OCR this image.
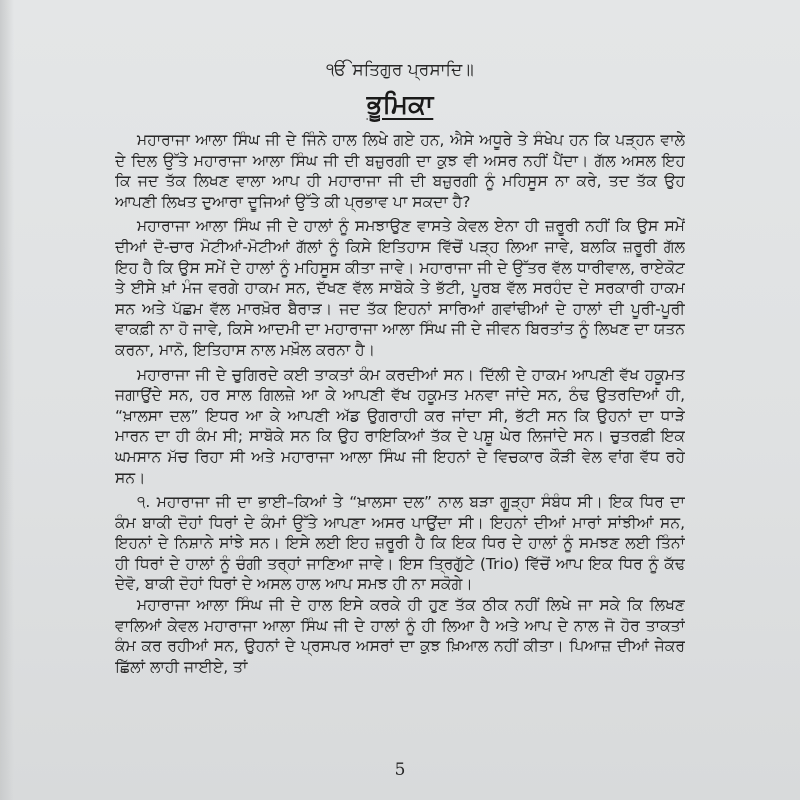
ੴ ਸਤਿਗੁਰ ਪ੍ਰਸਾਦਿ॥
ਭੂਮਿਕਾ

ਮਹਾਰਾਜਾ ਆਲਾ ਸਿੰਘ ਜੀ ਦੇ ਜਿੰਨੇ ਹਾਲ ਲਿਖੇ ਗਏ ਹਨ, ਐਸੇ ਅਧੂਰੇ ਤੇ ਸੰਖੇਪ ਹਨ ਕਿ ਪੜ੍ਹਨ ਵਾਲੇ ਦੇ ਦਿਲ ਉੱਤੇ ਮਹਾਰਾਜਾ ਆਲਾ ਸਿੰਘ ਜੀ ਦੀ ਬਜ਼ੁਰਗੀ ਦਾ ਕੁਝ ਵੀ ਅਸਰ ਨਹੀਂ ਪੈਂਦਾ। ਗੱਲ ਅਸਲ ਇਹ ਕਿ ਜਦ ਤੱਕ ਲਿਖਣ ਵਾਲਾ ਆਪ ਹੀ ਮਹਾਰਾਜਾ ਜੀ ਦੀ ਬਜ਼ੁਰਗੀ ਨੂੰ ਮਹਿਸੂਸ ਨਾ ਕਰੇ, ਤਦ ਤੱਕ ਉਹ ਆਪਣੀ ਲਿਖਤ ਦੁਆਰਾ ਦੂਜਿਆਂ ਉੱਤੇ ਕੀ ਪ੍ਰਭਾਵ ਪਾ ਸਕਦਾ ਹੈ?

ਮਹਾਰਾਜਾ ਆਲਾ ਸਿੰਘ ਜੀ ਦੇ ਹਾਲਾਂ ਨੂੰ ਸਮਝਾਉਣ ਵਾਸਤੇ ਕੇਵਲ ਏਨਾ ਹੀ ਜ਼ਰੂਰੀ ਨਹੀਂ ਕਿ ਉਸ ਸਮੇਂ ਦੀਆਂ ਦੋ-ਚਾਰ ਮੋਟੀਆਂ-ਮੋਟੀਆਂ ਗੱਲਾਂ ਨੂੰ ਕਿਸੇ ਇਤਿਹਾਸ ਵਿੱਚੋਂ ਪੜ੍ਹ ਲਿਆ ਜਾਵੇ, ਬਲਕਿ ਜ਼ਰੂਰੀ ਗੱਲ ਇਹ ਹੈ ਕਿ ਉਸ ਸਮੇਂ ਦੇ ਹਾਲਾਂ ਨੂੰ ਮਹਿਸੂਸ ਕੀਤਾ ਜਾਵੇ। ਮਹਾਰਾਜਾ ਜੀ ਦੇ ਉੱਤਰ ਵੱਲ ਧਾਰੀਵਾਲ, ਰਾਏਕੋਟ ਤੇ ਈਸੇ ਖ਼ਾਂ ਮੰਜ ਵਰਗੇ ਹਾਕਮ ਸਨ, ਦੱਖਣ ਵੱਲ ਸਾਬੋਕੇ ਤੇ ਭੱਟੀ, ਪੂਰਬ ਵੱਲ ਸਰਹੰਦ ਦੇ ਸਰਕਾਰੀ ਹਾਕਮ ਸਨ ਅਤੇ ਪੱਛਮ ਵੱਲ ਮਾਰਖ਼ੋਰ ਬੈਰਾੜ। ਜਦ ਤੱਕ ਇਹਨਾਂ ਸਾਰਿਆਂ ਗਵਾਂਢੀਆਂ ਦੇ ਹਾਲਾਂ ਦੀ ਪੂਰੀ-ਪੂਰੀ ਵਾਕਫ਼ੀ ਨਾ ਹੋ ਜਾਵੇ, ਕਿਸੇ ਆਦਮੀ ਦਾ ਮਹਾਰਾਜਾ ਆਲਾ ਸਿੰਘ ਜੀ ਦੇ ਜੀਵਨ ਬਿਰਤਾਂਤ ਨੂੰ ਲਿਖਣ ਦਾ ਯਤਨ ਕਰਨਾ, ਮਾਨੋ, ਇਤਿਹਾਸ ਨਾਲ ਮਖ਼ੌਲ ਕਰਨਾ ਹੈ।

ਮਹਾਰਾਜਾ ਜੀ ਦੇ ਚੁਗਿਰਦੇ ਕਈ ਤਾਕਤਾਂ ਕੰਮ ਕਰਦੀਆਂ ਸਨ। ਦਿੱਲੀ ਦੇ ਹਾਕਮ ਆਪਣੀ ਵੱਖ ਹਕੂਮਤ ਜਗਾਉਂਦੇ ਸਨ, ਹਰ ਸਾਲ ਗਿਲਜ਼ੇ ਆ ਕੇ ਆਪਣੀ ਵੱਖ ਹਕੂਮਤ ਮਨਵਾ ਜਾਂਦੇ ਸਨ, ਠੰਢ ਉਤਰਦਿਆਂ ਹੀ, “ਖ਼ਾਲਸਾ ਦਲ” ਇਧਰ ਆ ਕੇ ਆਪਣੀ ਅੱਡ ਉਗਰਾਹੀ ਕਰ ਜਾਂਦਾ ਸੀ, ਭੱਟੀ ਸਨ ਕਿ ਉਹਨਾਂ ਦਾ ਧਾੜੇ ਮਾਰਨ ਦਾ ਹੀ ਕੰਮ ਸੀ; ਸਾਬੋਕੇ ਸਨ ਕਿ ਉਹ ਰਾਇਕਿਆਂ ਤੱਕ ਦੇ ਪਸ਼ੂ ਘੇਰ ਲਿਜਾਂਦੇ ਸਨ। ਚੁਤਰਫ਼ੀ ਇਕ ਘਮਸਾਨ ਮੱਚ ਰਿਹਾ ਸੀ ਅਤੇ ਮਹਾਰਾਜਾ ਆਲਾ ਸਿੰਘ ਜੀ ਇਹਨਾਂ ਦੇ ਵਿਚਕਾਰ ਕੌੜੀ ਵੇਲ ਵਾਂਗ ਵੱਧ ਰਹੇ ਸਨ।

੧. ਮਹਾਰਾਜਾ ਜੀ ਦਾ ਭਾਈ–ਕਿਆਂ ਤੇ “ਖ਼ਾਲਸਾ ਦਲ” ਨਾਲ ਬੜਾ ਗੂੜ੍ਹਾ ਸੰਬੰਧ ਸੀ। ਇਕ ਧਿਰ ਦਾ ਕੰਮ ਬਾਕੀ ਦੋਹਾਂ ਧਿਰਾਂ ਦੇ ਕੰਮਾਂ ਉੱਤੇ ਆਪਣਾ ਅਸਰ ਪਾਉਂਦਾ ਸੀ। ਇਹਨਾਂ ਦੀਆਂ ਮਾਰਾਂ ਸਾਂਝੀਆਂ ਸਨ, ਇਹਨਾਂ ਦੇ ਨਿਸ਼ਾਨੇ ਸਾਂਝੇ ਸਨ। ਇਸੇ ਲਈ ਇਹ ਜ਼ਰੂਰੀ ਹੈ ਕਿ ਇਕ ਧਿਰ ਦੇ ਹਾਲਾਂ ਨੂੰ ਸਮਝਣ ਲਈ ਤਿੰਨਾਂ ਹੀ ਧਿਰਾਂ ਦੇ ਹਾਲਾਂ ਨੂੰ ਚੰਗੀ ਤਰ੍ਹਾਂ ਜਾਣਿਆ ਜਾਵੇ। ਇਸ ਤ੍ਰਿਗੁੱਟੇ (Trio) ਵਿੱਚੋਂ ਆਪ ਇਕ ਧਿਰ ਨੂੰ ਕੱਢ ਦੇਵੋ, ਬਾਕੀ ਦੋਹਾਂ ਧਿਰਾਂ ਦੇ ਅਸਲ ਹਾਲ ਆਪ ਸਮਝ ਹੀ ਨਾ ਸਕੋਗੇ।

ਮਹਾਰਾਜਾ ਆਲਾ ਸਿੰਘ ਜੀ ਦੇ ਹਾਲ ਇਸੇ ਕਰਕੇ ਹੀ ਹੁਣ ਤੱਕ ਠੀਕ ਨਹੀਂ ਲਿਖੇ ਜਾ ਸਕੇ ਕਿ ਲਿਖਣ ਵਾਲਿਆਂ ਕੇਵਲ ਮਹਾਰਾਜਾ ਆਲਾ ਸਿੰਘ ਜੀ ਦੇ ਹਾਲਾਂ ਨੂੰ ਹੀ ਲਿਆ ਹੈ ਅਤੇ ਆਪ ਦੇ ਨਾਲ ਜੋ ਹੋਰ ਤਾਕਤਾਂ ਕੰਮ ਕਰ ਰਹੀਆਂ ਸਨ, ਉਹਨਾਂ ਦੇ ਪ੍ਰਸਪਰ ਅਸਰਾਂ ਦਾ ਕੁਝ ਖ਼ਿਆਲ ਨਹੀਂ ਕੀਤਾ। ਪਿਆਜ਼ ਦੀਆਂ ਜੇਕਰ ਛਿੱਲਾਂ ਲਾਹੀ ਜਾਈਏ, ਤਾਂ

5
